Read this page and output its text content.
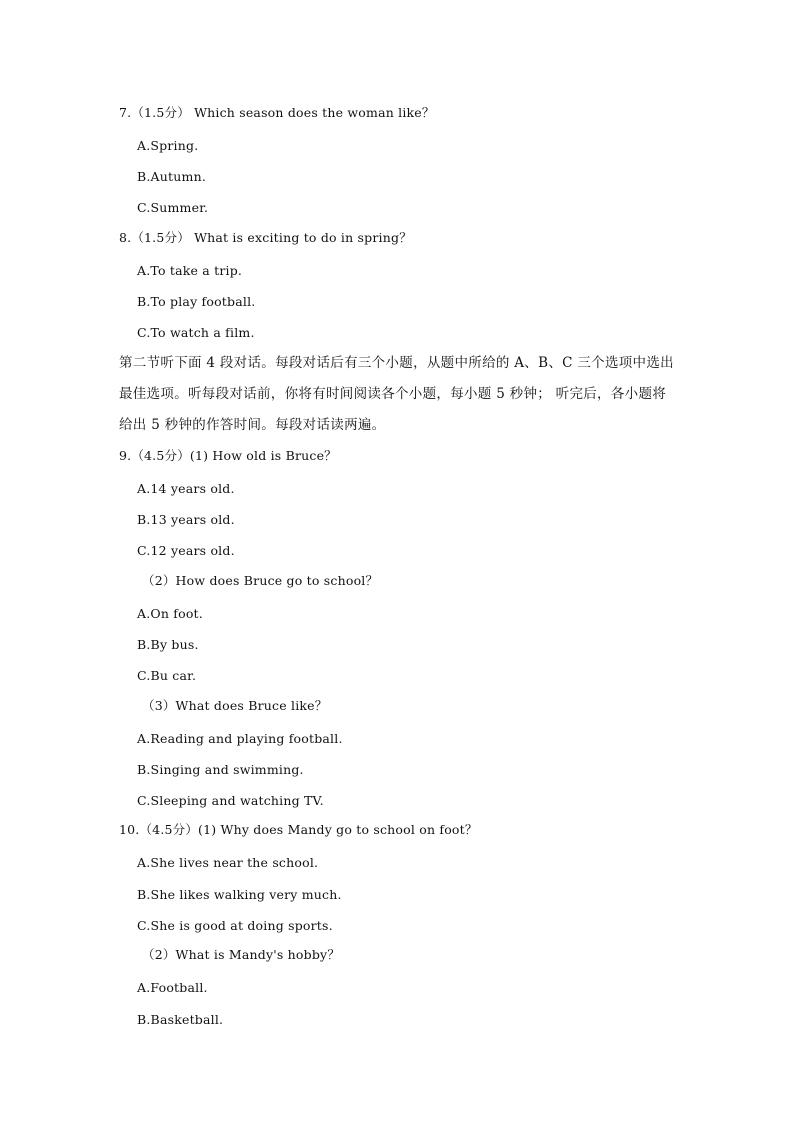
7.（1.5分） Which season does the woman like？
A.Spring.
B.Autumn.
C.Summer.
8.（1.5分） What is exciting to do in spring？
A.To take a trip.
B.To play football.
C.To watch a film.
第二节听下面 4 段对话。每段对话后有三个小题，从题中所给的 A、B、C 三个选项中选出
最佳选项。听每段对话前，你将有时间阅读各个小题，每小题 5 秒钟； 听完后，各小题将
给出 5 秒钟的作答时间。每段对话读两遍。
9.（4.5分）(1) How old is Bruce？
A.14 years old.
B.13 years old.
C.12 years old.
（2）How does Bruce go to school？
A.On foot.
B.By bus.
C.Bu car.
（3）What does Bruce like？
A.Reading and playing football.
B.Singing and swimming.
C.Sleeping and watching TV.
10.（4.5分）(1) Why does Mandy go to school on foot？
A.She lives near the school.
B.She likes walking very much.
C.She is good at doing sports.
（2）What is Mandy's hobby？
A.Football.
B.Basketball.
